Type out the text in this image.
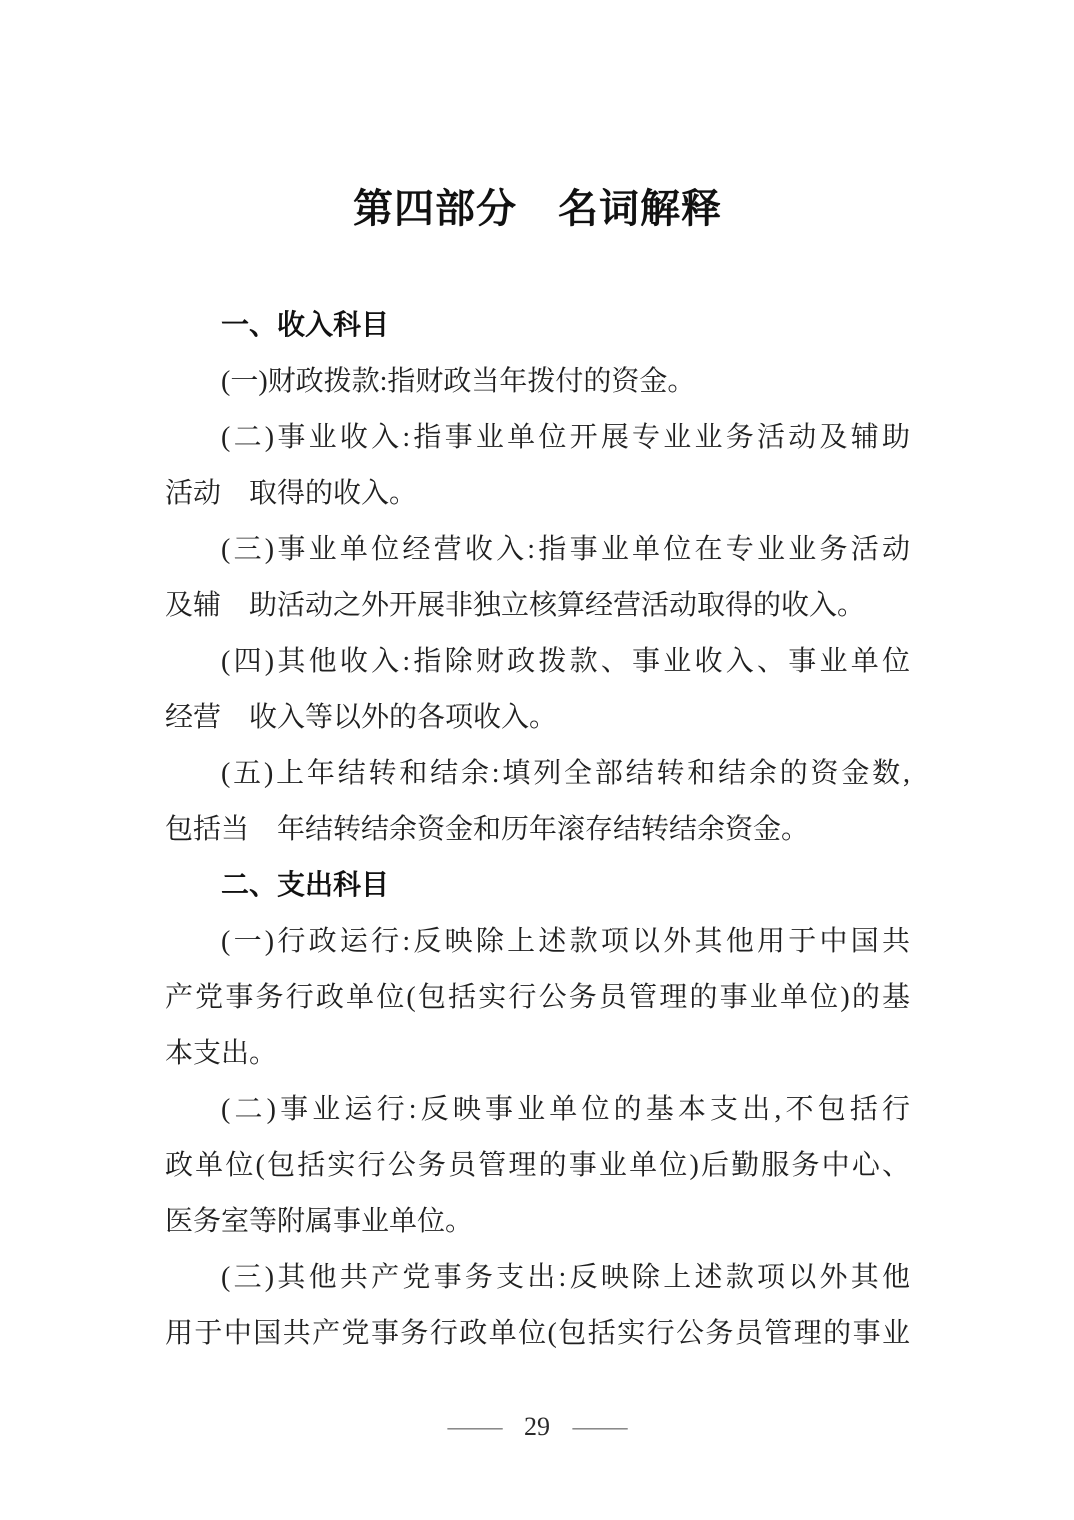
第四部分　名词解释
一、收入科目
(一)财政拨款:指财政当年拨付的资金。
(二)事业收入:指事业单位开展专业业务活动及辅助
活动　取得的收入。
(三)事业单位经营收入:指事业单位在专业业务活动
及辅　助活动之外开展非独立核算经营活动取得的收入。
(四)其他收入:指除财政拨款、事业收入、事业单位
经营　收入等以外的各项收入。
(五)上年结转和结余:填列全部结转和结余的资金数,
包括当　年结转结余资金和历年滚存结转结余资金。
二、支出科目
(一)行政运行:反映除上述款项以外其他用于中国共
产党事务行政单位(包括实行公务员管理的事业单位)的基
本支出。
(二)事业运行:反映事业单位的基本支出,不包括行
政单位(包括实行公务员管理的事业单位)后勤服务中心、
医务室等附属事业单位。
(三)其他共产党事务支出:反映除上述款项以外其他
用于中国共产党事务行政单位(包括实行公务员管理的事业
— 29 —
